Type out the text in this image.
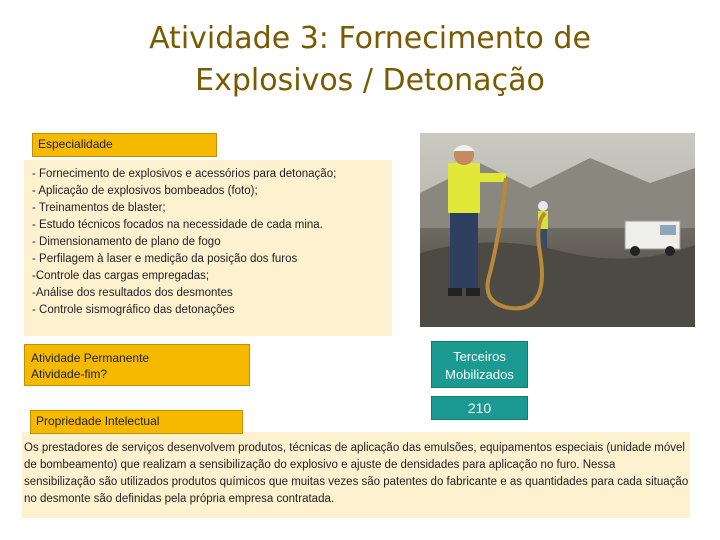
Atividade 3: Fornecimento de
Explosivos / Detonação
Especialidade
- Fornecimento de explosivos e acessórios para detonação;
- Aplicação de explosivos bombeados (foto);
- Treinamentos de blaster;
- Estudo técnicos focados na necessidade de cada mina.
- Dimensionamento de plano de fogo
- Perfilagem à laser e medição da posição dos furos
-Controle das cargas empregadas;
-Análise dos resultados dos desmontes
- Controle sismográfico das detonações
Atividade Permanente
Atividade-fim?
Terceiros
Mobilizados
210
Propriedade Intelectual

Os prestadores de serviços desenvolvem produtos, técnicas de aplicação das emulsões, equipamentos especiais (unidade móvel de bombeamento) que realizam a sensibilização do explosivo e ajuste de densidades para aplicação no furo. Nessa sensibilização são utilizados produtos químicos que muitas vezes são patentes do fabricante e as quantidades para cada situação no desmonte são definidas pela própria empresa contratada.
